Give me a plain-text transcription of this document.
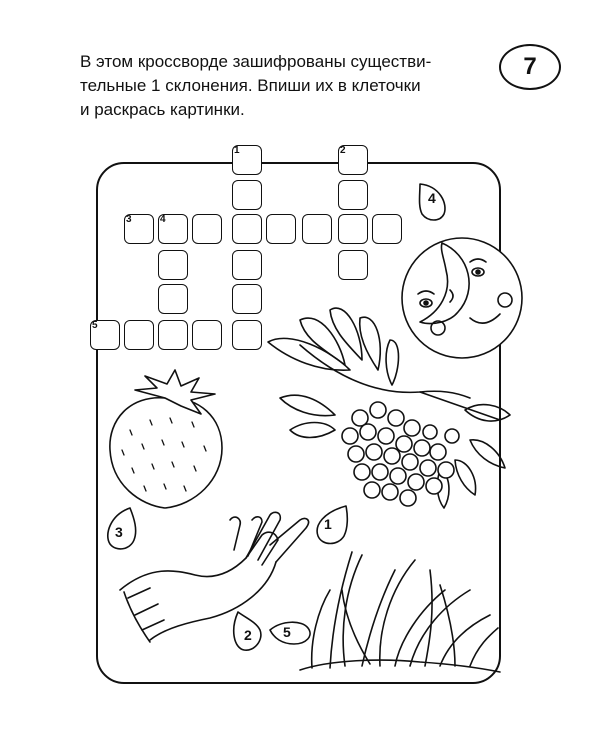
В этом кроссворде зашифрованы существи-
тельные 1 склонения. Впиши их в клеточки
и раскрась картинки.
7
1	2
3	4
5
4
3	1
2 5
